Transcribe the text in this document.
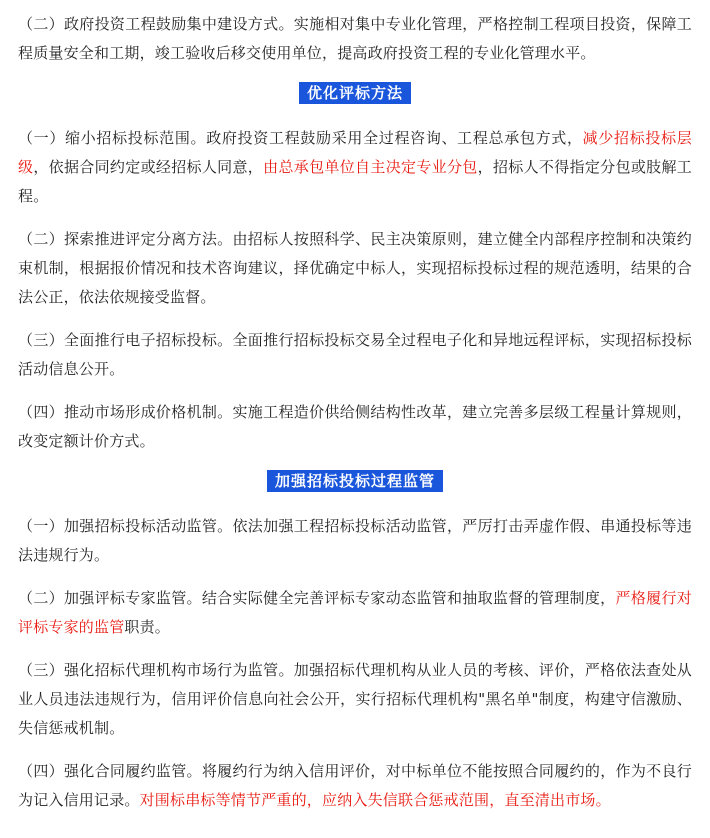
（二）政府投资工程鼓励集中建设方式。实施相对集中专业化管理，严格控制工程项目投资，保障工程质量安全和工期，竣工验收后移交使用单位，提高政府投资工程的专业化管理水平。

优化评标方法

（一）缩小招标投标范围。政府投资工程鼓励采用全过程咨询、工程总承包方式，减少招标投标层级，依据合同约定或经招标人同意，由总承包单位自主决定专业分包，招标人不得指定分包或肢解工程。

（二）探索推进评定分离方法。由招标人按照科学、民主决策原则，建立健全内部程序控制和决策约束机制，根据报价情况和技术咨询建议，择优确定中标人，实现招标投标过程的规范透明，结果的合法公正，依法依规接受监督。

（三）全面推行电子招标投标。全面推行招标投标交易全过程电子化和异地远程评标，实现招标投标活动信息公开。

（四）推动市场形成价格机制。实施工程造价供给侧结构性改革，建立完善多层级工程量计算规则，改变定额计价方式。

加强招标投标过程监管

（一）加强招标投标活动监管。依法加强工程招标投标活动监管，严厉打击弄虚作假、串通投标等违法违规行为。

（二）加强评标专家监管。结合实际健全完善评标专家动态监管和抽取监督的管理制度，严格履行对评标专家的监管职责。

（三）强化招标代理机构市场行为监管。加强招标代理机构从业人员的考核、评价，严格依法查处从业人员违法违规行为，信用评价信息向社会公开，实行招标代理机构"黑名单"制度，构建守信激励、失信惩戒机制。

（四）强化合同履约监管。将履约行为纳入信用评价，对中标单位不能按照合同履约的，作为不良行为记入信用记录。对围标串标等情节严重的，应纳入失信联合惩戒范围，直至清出市场。
